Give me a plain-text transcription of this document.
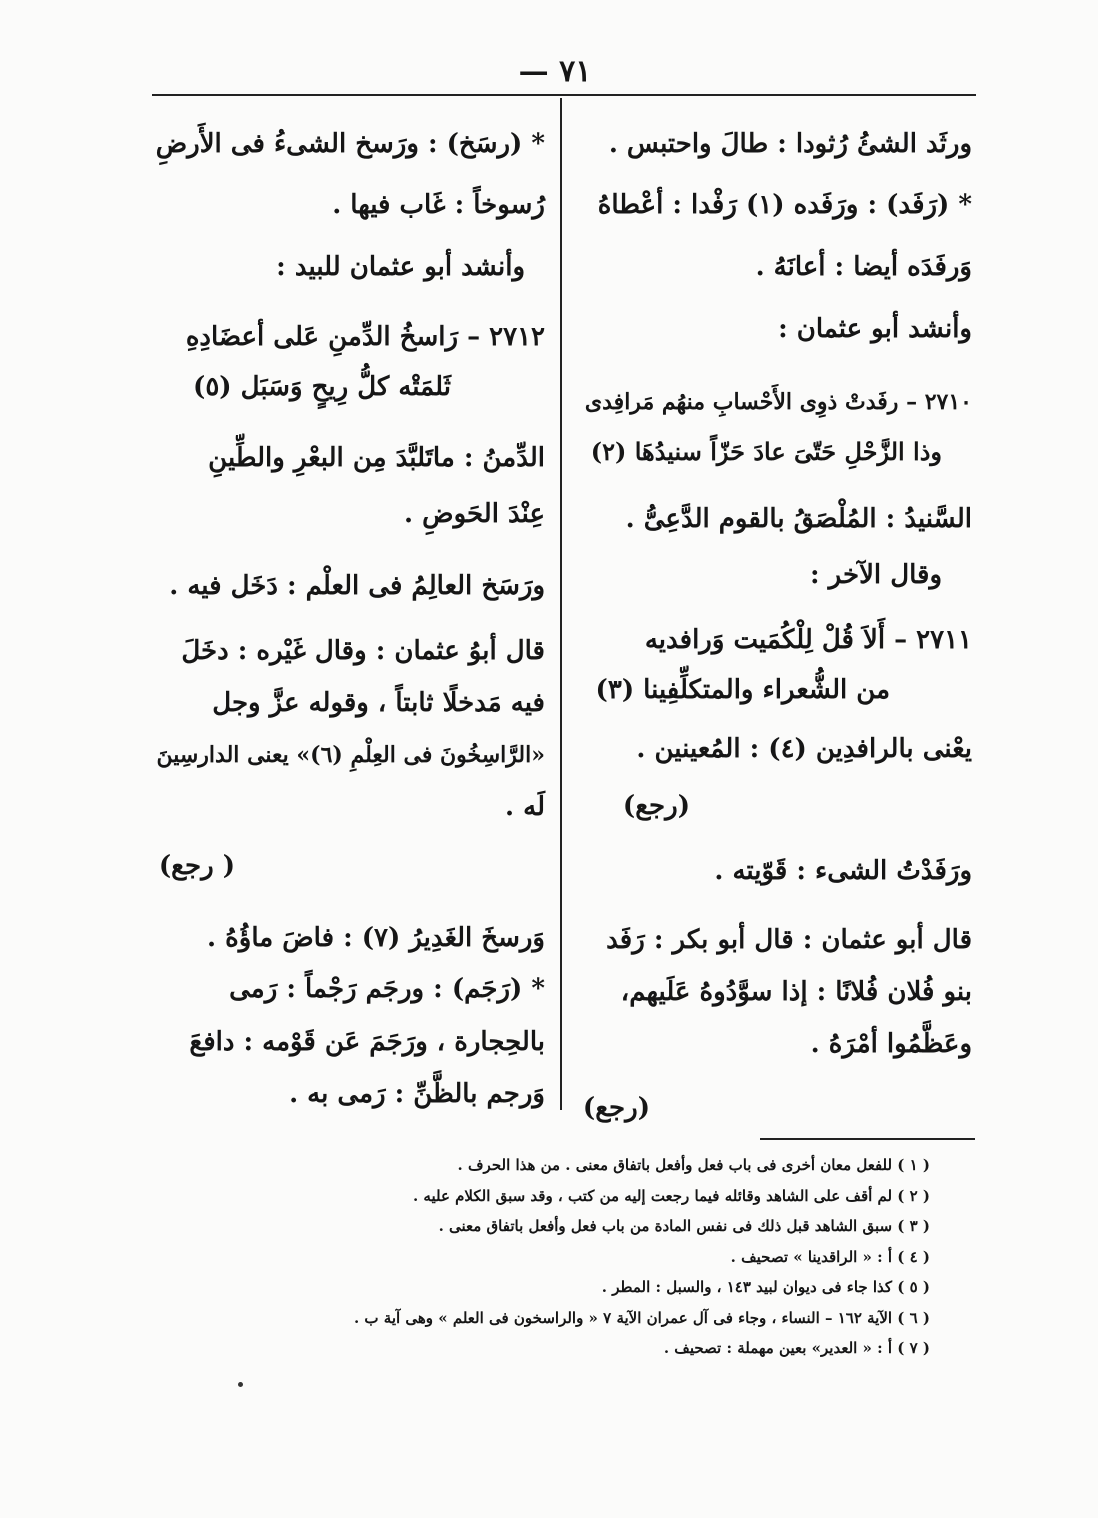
— ٧١
ورثَد الشئُ رُثودا : طالَ واحتبس .
* (رَفَد) : ورَفَده (١) رَفْدا : أعْطاهُ
وَرفَدَه أيضا : أعانَهُ .
وأنشد أبو عثمان :
٢٧١٠ – رفَدتْ ذوِى الأَحْسابِ منهُم مَرافِدى
وذا الزَّحْلِ حَتّىَ عادَ حَزّاً سنيدُهَا (٢)
السَّنيدُ : المُلْصَقُ بالقوم الدَّعِىُّ .
وقال الآخر :
٢٧١١ – أَلاَ قُلْ لِلْكُمَيت وَرافديه
من الشُّعراء والمتكلِّفِينا (٣)
يعْنى بالرافدِين (٤) : المُعينين .
(رجع)
ورَفَدْتُ الشىء : قَوّيته .
قال أبو عثمان : قال أبو بكر : رَفَد
بنو فُلان فُلانًا : إذا سوَّدُوهُ عَلَيهم،
وعَظَّمُوا أمْرَهُ .
(رجع)
* (رسَخ) : ورَسخ الشىءُ فى الأَرضِ
رُسوخاً : غَاب فيها .
وأنشد أبو عثمان للبيد :
٢٧١٢ – رَاسخُ الدِّمنِ عَلى أعضَادِهِ
ثَلمَتْه كلُّ رِيحٍ وَسَبَل (٥)
الدِّمنُ : ماتَلبَّدَ مِن البعْرِ والطِّينِ
عِنْدَ الحَوضِ .
ورَسَخ العالِمُ فى العلْم : دَخَل فيه .
قال أبوُ عثمان : وقال غَيْره : دخَلَ
فيه مَدخلًا ثابتاً ، وقوله عزَّ وجل
«الرَّاسِخُونَ فى العِلْمِ (٦)» يعنى الدارسِينَ
لَه .
( رجع)
وَرسخَ الغَدِيرُ (٧) : فاضَ ماؤُهُ .
* (رَجَم) : ورجَم رَجْماً : رَمى
بالحِجارة ، ورَجَمَ عَن قَوْمه : دافعَ
وَرجم بالظَّنِّ : رَمى به .
( ١ ) للفعل معان أخرى فى باب فعل وأفعل باتفاق معنى . من هذا الحرف .
( ٢ ) لم أقف على الشاهد وقائله فيما رجعت إليه من كتب ، وقد سبق الكلام عليه .
( ٣ ) سبق الشاهد قبل ذلك فى نفس المادة من باب فعل وأفعل باتفاق معنى .
( ٤ ) أ : « الراقدينا » تصحيف .
( ٥ ) كذا جاء فى ديوان لبيد ١٤٣ ، والسبل : المطر .
( ٦ ) الآية ١٦٢ – النساء ، وجاء فى آل عمران الآية ٧ « والراسخون فى العلم » وهى آية ب .
( ٧ ) أ : « العدير» بعين مهملة : تصحيف .
